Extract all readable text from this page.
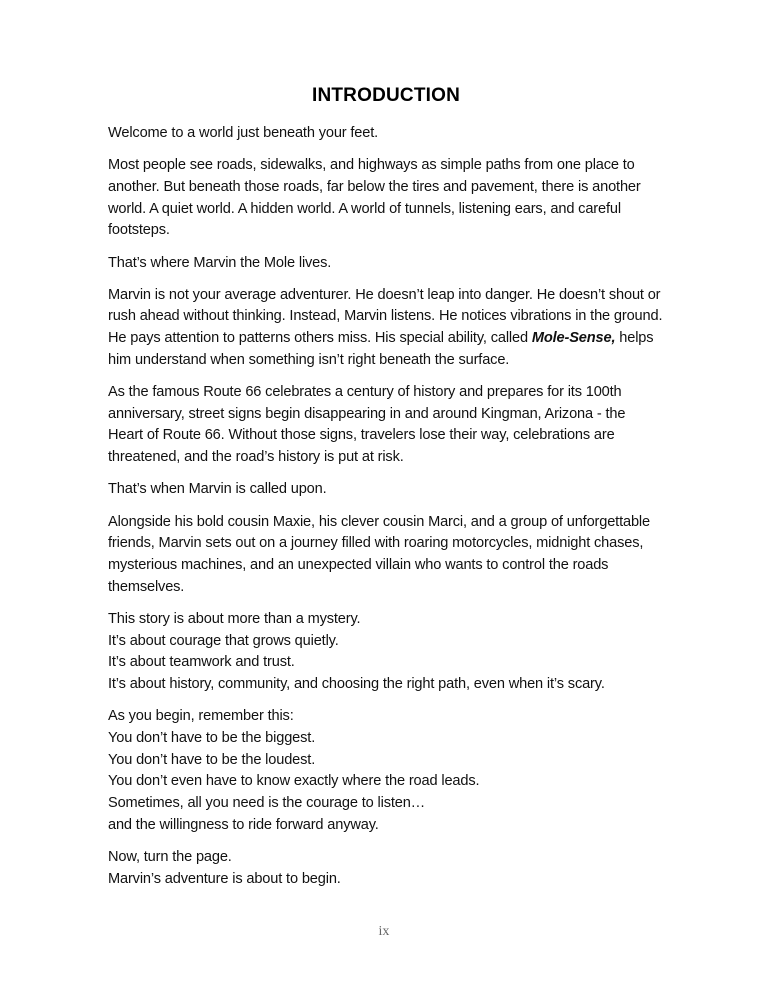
INTRODUCTION

Welcome to a world just beneath your feet.

Most people see roads, sidewalks, and highways as simple paths from one place to another. But beneath those roads, far below the tires and pavement, there is another world. A quiet world. A hidden world. A world of tunnels, listening ears, and careful footsteps.

That’s where Marvin the Mole lives.

Marvin is not your average adventurer. He doesn’t leap into danger. He doesn’t shout or rush ahead without thinking. Instead, Marvin listens. He notices vibrations in the ground. He pays attention to patterns others miss. His special ability, called Mole-Sense, helps him understand when something isn’t right beneath the surface.

As the famous Route 66 celebrates a century of history and prepares for its 100th anniversary, street signs begin disappearing in and around Kingman, Arizona - the Heart of Route 66. Without those signs, travelers lose their way, celebrations are threatened, and the road’s history is put at risk.

That’s when Marvin is called upon.

Alongside his bold cousin Maxie, his clever cousin Marci, and a group of unforgettable friends, Marvin sets out on a journey filled with roaring motorcycles, midnight chases, mysterious machines, and an unexpected villain who wants to control the roads themselves.

This story is about more than a mystery.
It’s about courage that grows quietly.
It’s about teamwork and trust.
It’s about history, community, and choosing the right path, even when it’s scary.

As you begin, remember this:
You don’t have to be the biggest.
You don’t have to be the loudest.
You don’t even have to know exactly where the road leads.
Sometimes, all you need is the courage to listen…
and the willingness to ride forward anyway.

Now, turn the page.
Marvin’s adventure is about to begin.

ix
